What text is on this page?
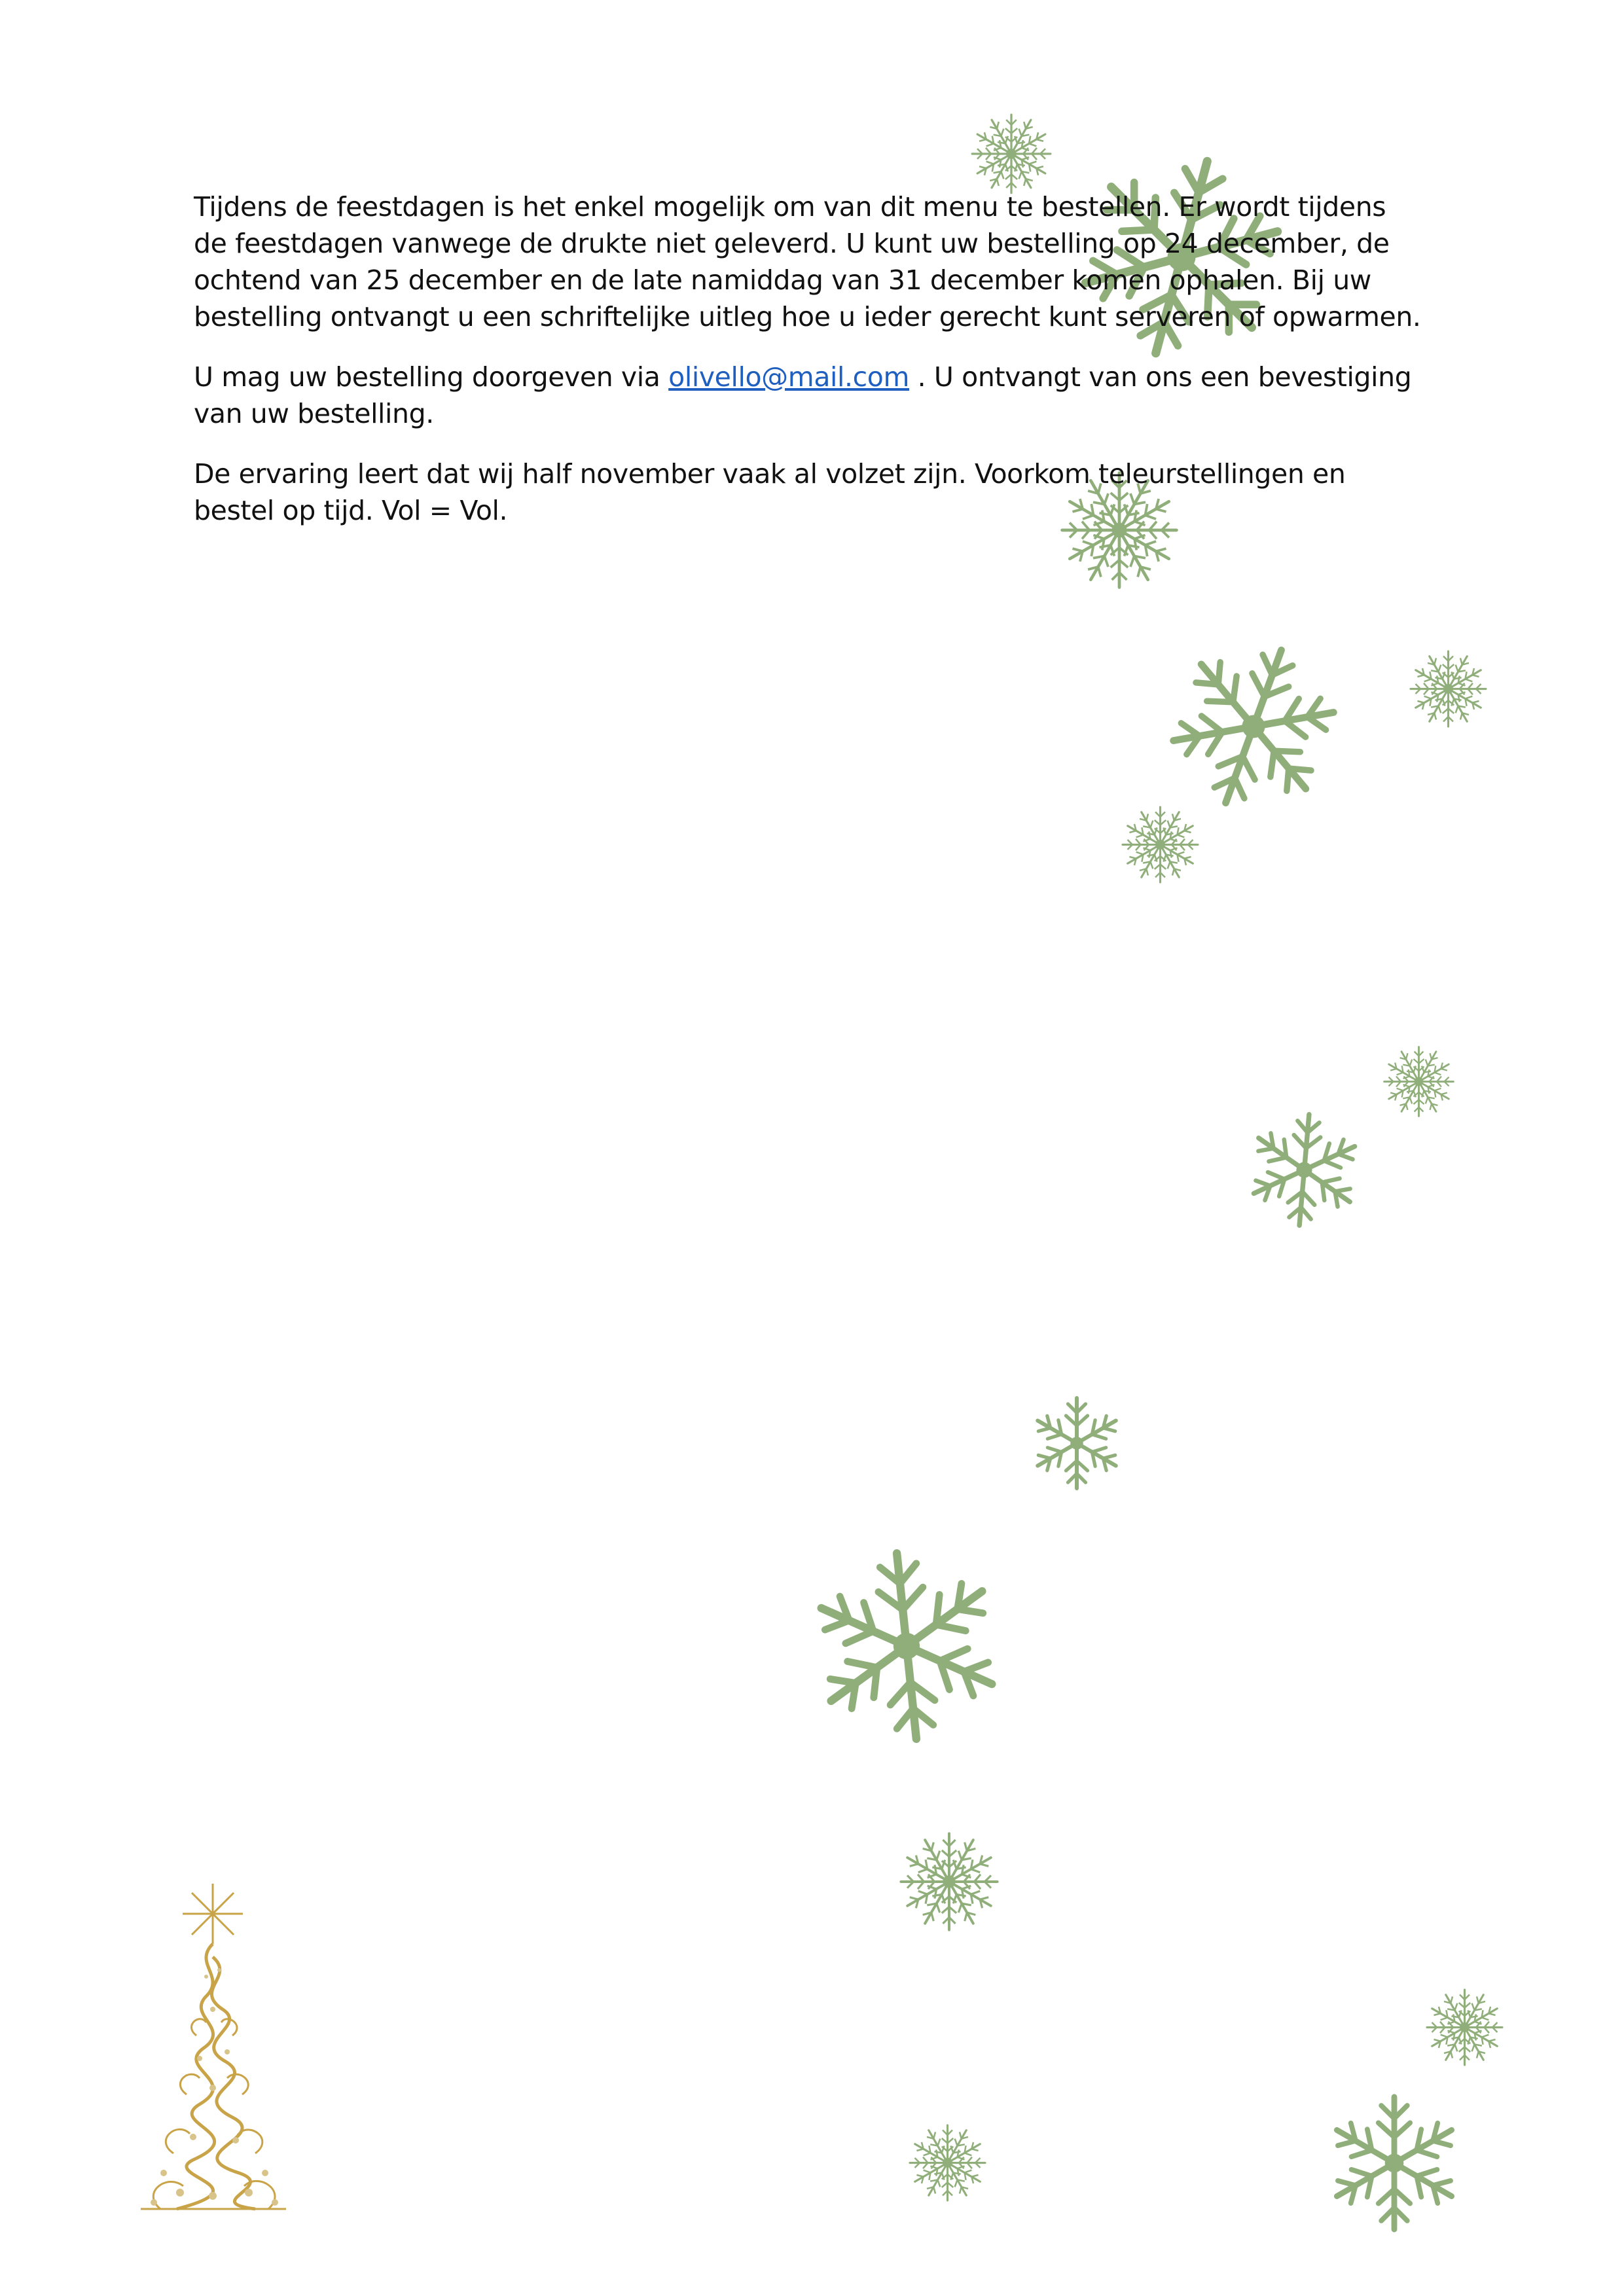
Tijdens de feestdagen is het enkel mogelijk om van dit menu te bestellen. Er wordt tijdens de feestdagen vanwege de drukte niet geleverd. U kunt uw bestelling op 24 december, de ochtend van 25 december en de late namiddag van 31 december komen ophalen. Bij uw bestelling ontvangt u een schriftelijke uitleg hoe u ieder gerecht kunt serveren of opwarmen.

U mag uw bestelling doorgeven via olivello@mail.com . U ontvangt van ons een bevestiging van uw bestelling.

De ervaring leert dat wij half november vaak al volzet zijn. Voorkom teleurstellingen en bestel op tijd. Vol = Vol.
